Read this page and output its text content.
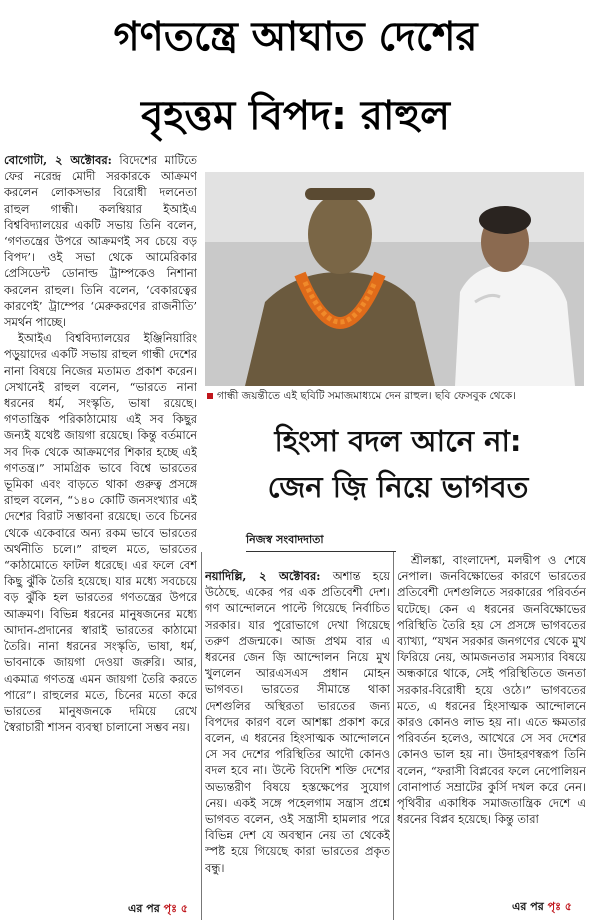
গণতন্ত্রে আঘাত দেশের
বৃহত্তম বিপদ: রাহুল

বোগোটা, ২ অক্টোবর: বিদেশের মাটিতে ফের নরেন্দ্র মোদী সরকারকে আক্রমণ করলেন লোকসভার বিরোধী দলনেতা রাহুল গান্ধী। কলম্বিয়ার ইআইএ বিশ্ববিদ্যালয়ের একটি সভায় তিনি বলেন, ‘গণতন্ত্রের উপরে আক্রমণই সব চেয়ে বড় বিপদ’। ওই সভা থেকে আমেরিকার প্রেসিডেন্ট ডোনাল্ড ট্রাম্পকেও নিশানা করলেন রাহুল। তিনি বলেন, ‘বেকারত্বের কারণেই’ ট্রাম্পের ‘মেরুকরণের রাজনীতি’ সমর্থন পাচ্ছে।

ইআইএ বিশ্ববিদ্যালয়ের ইঞ্জিনিয়ারিং পড়ুয়াদের একটি সভায় রাহুল গান্ধী দেশের নানা বিষয়ে নিজের মতামত প্রকাশ করেন। সেখানেই রাহুল বলেন, “ভারতে নানা ধরনের ধর্ম, সংস্কৃতি, ভাষা রয়েছে। গণতান্ত্রিক পরিকাঠামোয় এই সব কিছুর জন্যই যথেষ্ট জায়গা রয়েছে। কিন্তু বর্তমানে সব দিক থেকে আক্রমণের শিকার হচ্ছে এই গণতন্ত্র।” সামগ্রিক ভাবে বিশ্বে ভারতের ভূমিকা এবং বাড়তে থাকা গুরুত্ব প্রসঙ্গে রাহুল বলেন, “১৪০ কোটি জনসংখ্যার এই দেশের বিরাট সম্ভাবনা রয়েছে। তবে চিনের থেকে একেবারে অন্য রকম ভাবে ভারতের অর্থনীতি চলে।” রাহুল মতে, ভারতের “কাঠামোতে ফাটল ধরেছে। এর ফলে বেশ কিছু ঝুঁকি তৈরি হয়েছে। যার মধ্যে সবচেয়ে বড় ঝুঁকি হল ভারতের গণতন্ত্রের উপরে আক্রমণ। বিভিন্ন ধরনের মানুষজনের মধ্যে আদান-প্রদানের স্বারাই ভারতের কাঠামো তৈরি। নানা ধরনের সংস্কৃতি, ভাষা, ধর্ম, ভাবনাকে জায়গা দেওয়া জরুরি। আর, একমাত্র গণতন্ত্র এমন জায়গা তৈরি করতে পারে”। রাহুলের মতে, চিনের মতো করে ভারতের মানুষজনকে দমিয়ে রেখে স্বৈরাচারী শাসন ব্যবস্থা চালানো সম্ভব নয়।

এর পর পৃঃ ৫
গান্ধী জয়ন্তীতে এই ছবিটি সমাজমাধ্যমে দেন রাহুল। ছবি ফেসবুক থেকে।
হিংসা বদল আনে না:
জেন জ়ি নিয়ে ভাগবত
নিজস্ব সংবাদদাতা

নয়াদিল্লি, ২ অক্টোবর: অশান্ত হয়ে উঠেছে. একের পর এক প্রতিবেশী দেশ। গণ আন্দোলনে পাল্টে গিয়েছে নির্বাচিত সরকার। যার পুরোভাগে দেখা গিয়েছে তরুণ প্রজন্মকে। আজ প্রথম বার এ ধরনের জেন জ়ি আন্দোলন নিয়ে মুখ খুললেন আরএসএস প্রধান মোহন ভাগবত। ভারতের সীমান্তে থাকা দেশগুলির অস্থিরতা ভারতের জন্য বিপদের কারণ বলে আশঙ্কা প্রকাশ করে বলেন, এ ধরনের হিংসাত্মক আন্দোলনে সে সব দেশের পরিস্থিতির আদৌ কোনও বদল হবে না। উল্টে বিদেশি শক্তি দেশের অভ্যন্তরীণ বিষয়ে হস্তক্ষেপের সুযোগ নেয়। একই সঙ্গে পহেলগাম সন্ত্রাস প্রশ্নে ভাগবত বলেন, ওই সন্ত্রাসী হামলার পরে বিভিন্ন দেশ যে অবস্থান নেয় তা থেকেই স্পষ্ট হয়ে গিয়েছে কারা ভারতের প্রকৃত বন্ধু।

শ্রীলঙ্কা, বাংলাদেশ, মলদ্বীপ ও শেষে নেপাল। জনবিক্ষোভের কারণে ভারতের প্রতিবেশী দেশগুলিতে সরকারের পরিবর্তন ঘটেছে। কেন এ ধরনের জনবিক্ষোভের পরিস্থিতি তৈরি হয় সে প্রসঙ্গে ভাগবতের ব্যাখ্যা, “যখন সরকার জনগণের থেকে মুখ ফিরিয়ে নেয়, আমজনতার সমস্যার বিষয়ে অন্ধকারে থাকে, সেই পরিস্থিতিতে জনতা সরকার-বিরোধী হয়ে ওঠে।” ভাগবতের মতে, এ ধরনের হিংসাত্মক আন্দোলনে কারও কোনও লাভ হয় না। এতে ক্ষমতার পরিবর্তন হলেও, আখেরে সে সব দেশের কোনও ভাল হয় না। উদাহরণস্বরূপ তিনি বলেন, “ফরাসী বিপ্লবের ফলে নেপোলিয়ন বোনাপার্ত সম্রাটের কুর্সি দখল করে নেন। পৃথিবীর একাধিক সমাজতান্ত্রিক দেশে এ ধরনের বিপ্লব হয়েছে। কিন্তু তারা

এর পর পৃঃ ৫
